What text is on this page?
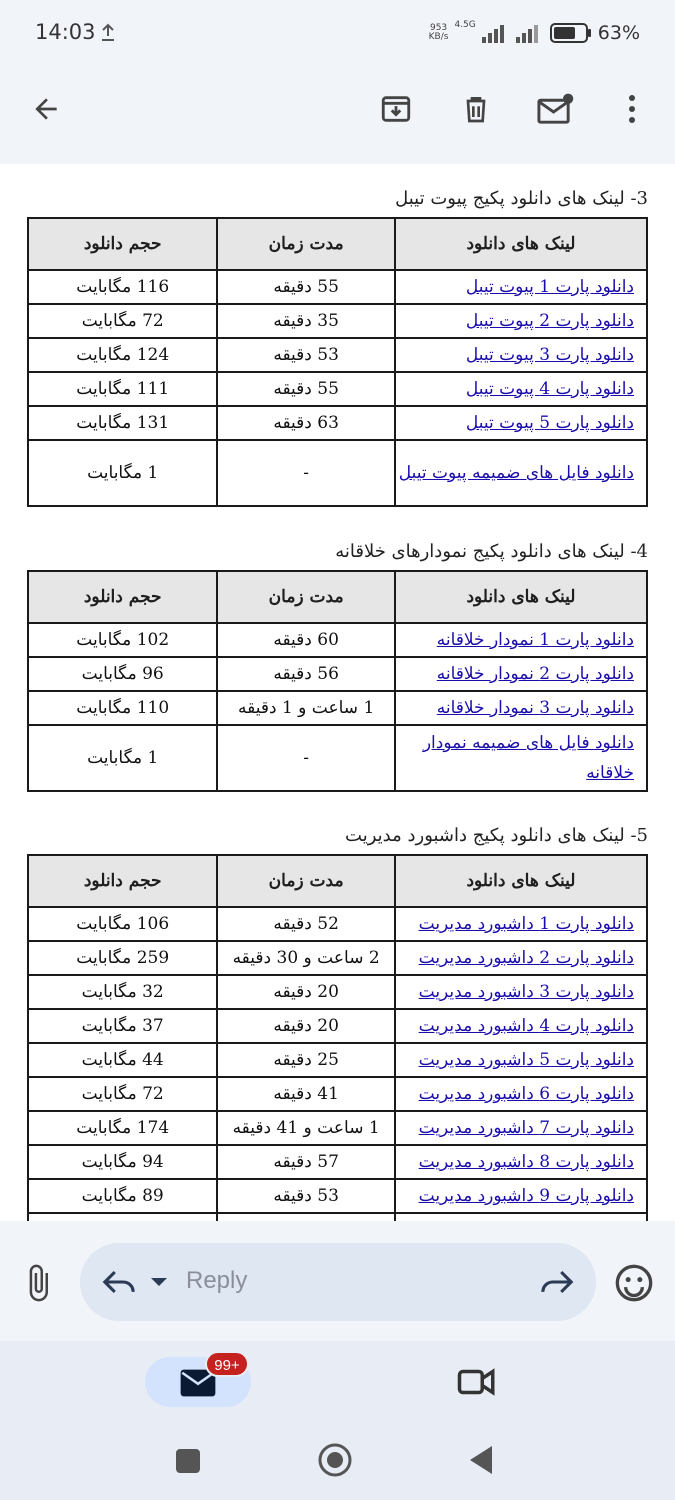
14:03	953
KB/s
4.5G	63%
3- لینک های دانلود پکیج پیوت تیبل
لینک های دانلود	مدت زمان	حجم دانلود
دانلود پارت 1 پیوت تیبل	55 دقیقه	116 مگابایت
دانلود پارت 2 پیوت تیبل	35 دقیقه	72 مگابایت
دانلود پارت 3 پیوت تیبل	53 دقیقه	124 مگابایت
دانلود پارت 4 پیوت تیبل	55 دقیقه	111 مگابایت
دانلود پارت 5 پیوت تیبل	63 دقیقه	131 مگابایت
دانلود فایل های ضمیمه پیوت تیبل	-	1 مگابایت
4- لینک های دانلود پکیج نمودارهای خلاقانه
لینک های دانلود	مدت زمان	حجم دانلود
دانلود پارت 1 نمودار خلاقانه	60 دقیقه	102 مگابایت
دانلود پارت 2 نمودار خلاقانه	56 دقیقه	96 مگابایت
دانلود پارت 3 نمودار خلاقانه	1 ساعت و 1 دقیقه	110 مگابایت
دانلود فایل های ضمیمه نمودار خلاقانه	-	1 مگابایت
5- لینک های دانلود پکیج داشبورد مدیریت
لینک های دانلود	مدت زمان	حجم دانلود
دانلود پارت 1 داشبورد مدیریت	52 دقیقه	106 مگابایت
دانلود پارت 2 داشبورد مدیریت	2 ساعت و 30 دقیقه	259 مگابایت
دانلود پارت 3 داشبورد مدیریت	20 دقیقه	32 مگابایت
دانلود پارت 4 داشبورد مدیریت	20 دقیقه	37 مگابایت
دانلود پارت 5 داشبورد مدیریت	25 دقیقه	44 مگابایت
دانلود پارت 6 داشبورد مدیریت	41 دقیقه	72 مگابایت
دانلود پارت 7 داشبورد مدیریت	1 ساعت و 41 دقیقه	174 مگابایت
دانلود پارت 8 داشبورد مدیریت	57 دقیقه	94 مگابایت
دانلود پارت 9 داشبورد مدیریت	53 دقیقه	89 مگابایت

Reply
99+
